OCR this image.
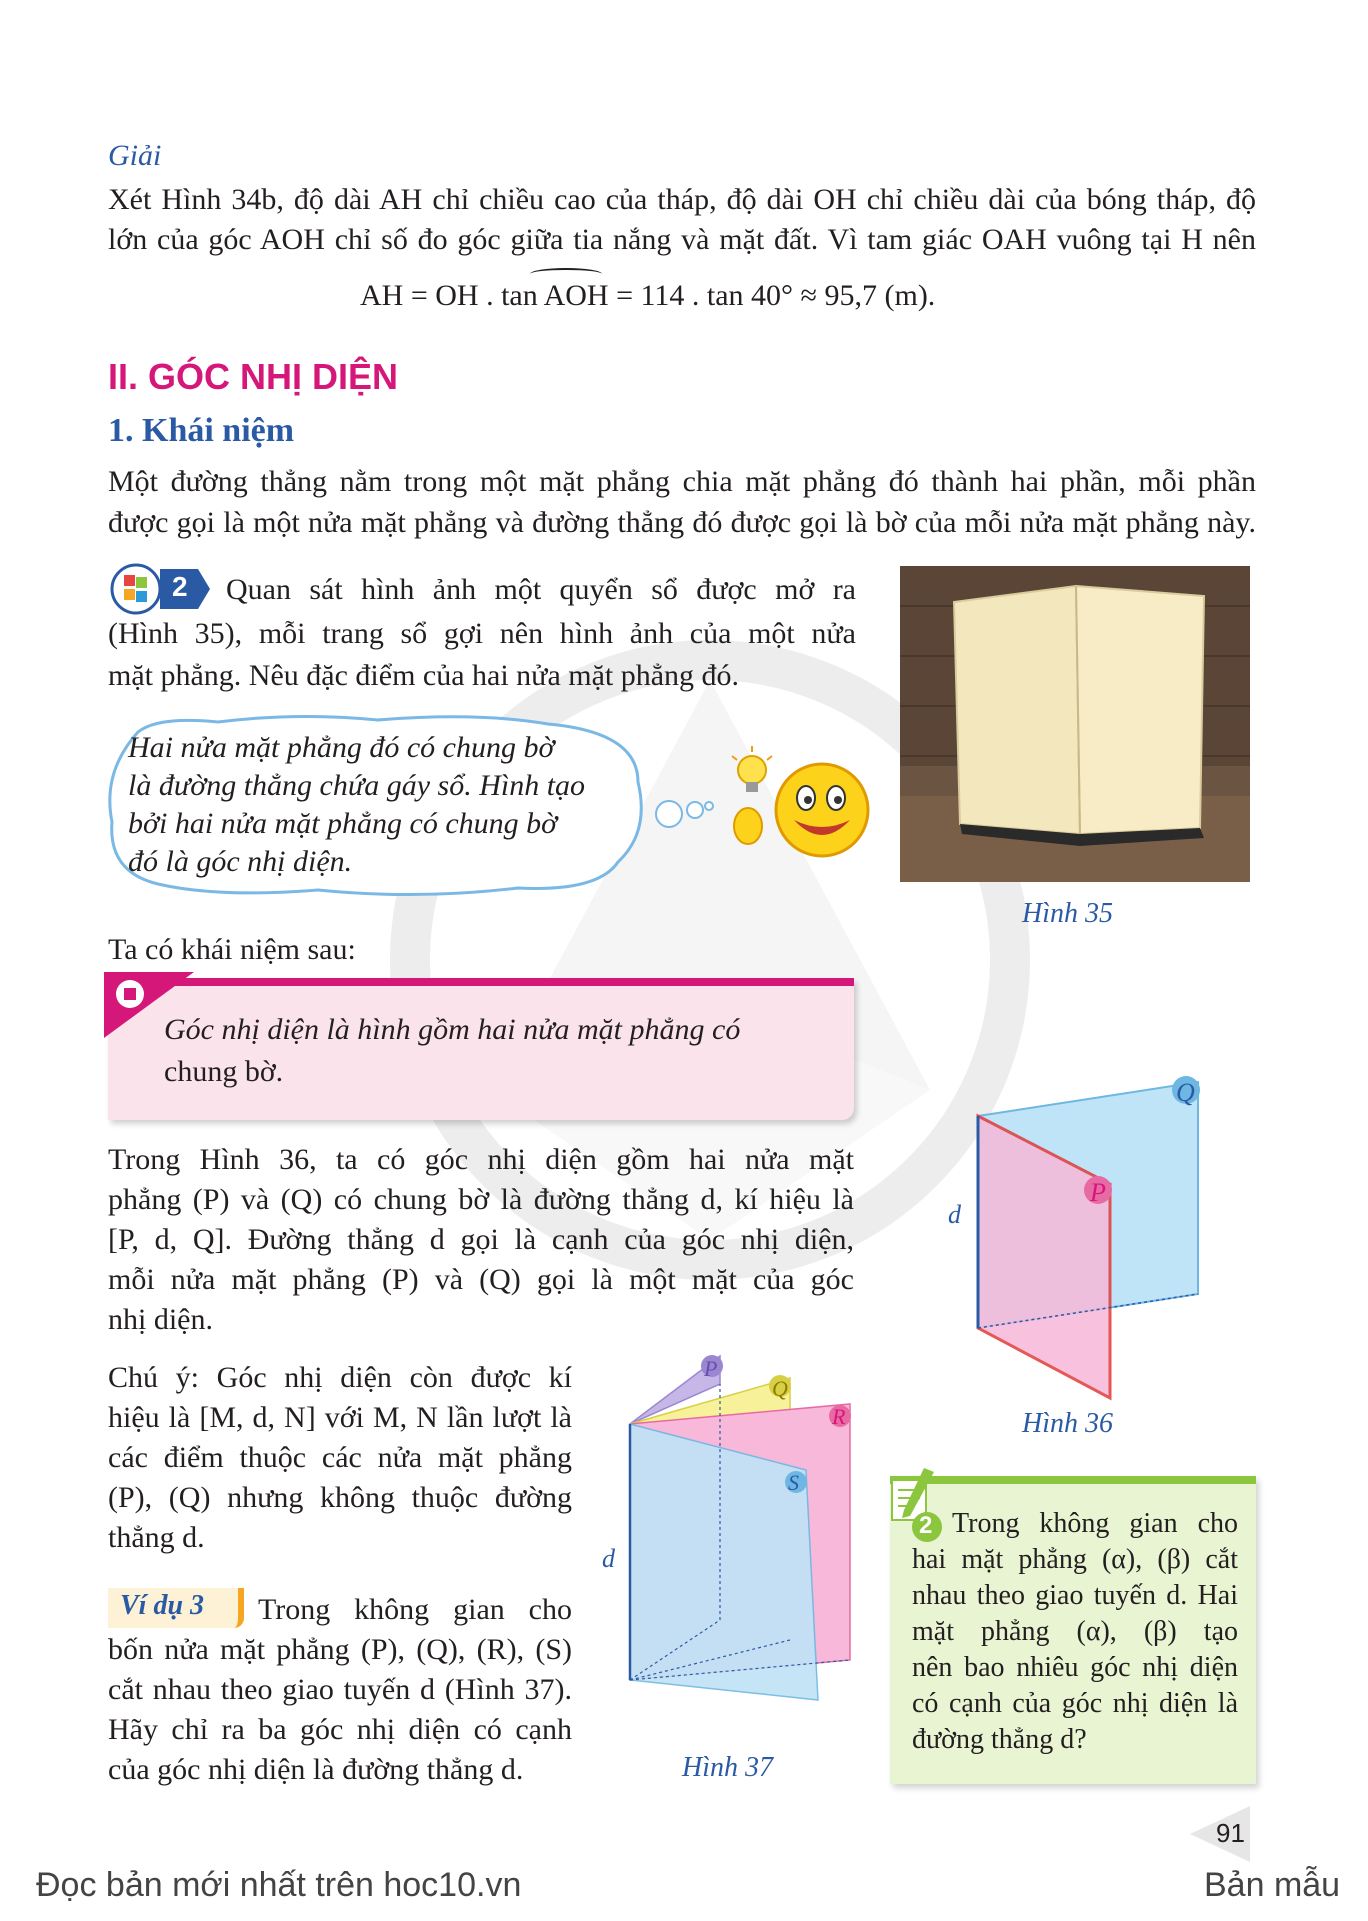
Giải
Xét Hình 34b, độ dài AH chỉ chiều cao của tháp, độ dài OH chỉ chiều dài của bóng tháp, độ
lớn của góc AOH chỉ số đo góc giữa tia nắng và mặt đất. Vì tam giác OAH vuông tại H nên
AH = OH . tan AOH = 114 . tan 40° ≈ 95,7 (m).
II. GÓC NHỊ DIỆN
1. Khái niệm
Một đường thẳng nằm trong một mặt phẳng chia mặt phẳng đó thành hai phần, mỗi phần
được gọi là một nửa mặt phẳng và đường thẳng đó được gọi là bờ của mỗi nửa mặt phẳng này.
2 Quan sát hình ảnh một quyển sổ được mở ra
(Hình 35), mỗi trang sổ gợi nên hình ảnh của một nửa
mặt phẳng. Nêu đặc điểm của hai nửa mặt phẳng đó.
Hai nửa mặt phẳng đó có chung bờ
là đường thẳng chứa gáy sổ. Hình tạo
bởi hai nửa mặt phẳng có chung bờ
đó là góc nhị diện.
Hình 35
Ta có khái niệm sau:
Góc nhị diện là hình gồm hai nửa mặt phẳng có
chung bờ.
Trong Hình 36, ta có góc nhị diện gồm hai nửa mặt
phẳng (P) và (Q) có chung bờ là đường thẳng d, kí hiệu là
[P, d, Q]. Đường thẳng d gọi là cạnh của góc nhị diện,
mỗi nửa mặt phẳng (P) và (Q) gọi là một mặt của góc
nhị diện.
Q
P
d
Hình 36
Chú ý: Góc nhị diện còn được kí
hiệu là [M, d, N] với M, N lần lượt là
các điểm thuộc các nửa mặt phẳng
(P), (Q) nhưng không thuộc đường
thẳng d.
Ví dụ 3 Trong không gian cho
bốn nửa mặt phẳng (P), (Q), (R), (S)
cắt nhau theo giao tuyến d (Hình 37).
Hãy chỉ ra ba góc nhị diện có cạnh
của góc nhị diện là đường thẳng d.
P
Q
R
S
d
Hình 37
2 Trong không gian cho
hai mặt phẳng (α), (β) cắt
nhau theo giao tuyến d. Hai
mặt phẳng (α), (β) tạo
nên bao nhiêu góc nhị diện
có cạnh của góc nhị diện là
đường thẳng d?
91
Đọc bản mới nhất trên hoc10.vn	Bản mẫu
